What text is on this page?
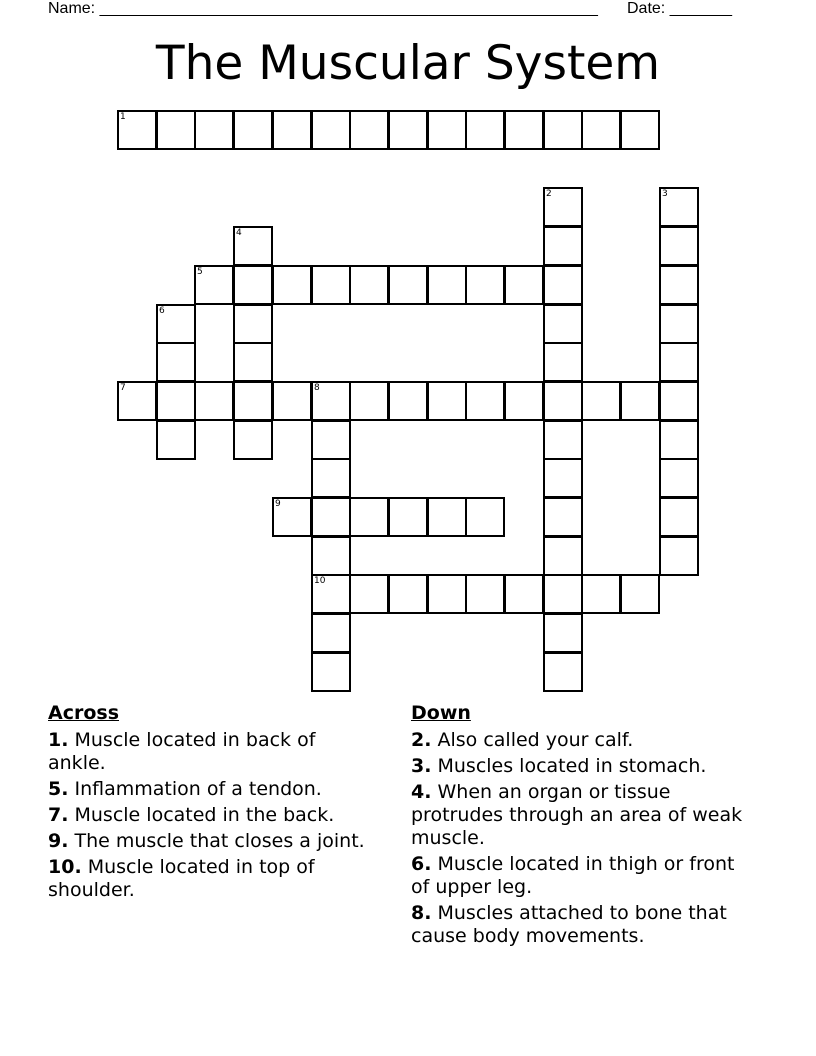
Name: ________________________________________________________ Date: _______
The Muscular System
1
2	3
4
5
6
7	8
10
9
Across
1. Muscle located in back of ankle.
5. Inflammation of a tendon.
7. Muscle located in the back.
9. The muscle that closes a joint.
10. Muscle located in top of shoulder.
Down
2. Also called your calf.
3. Muscles located in stomach.
4. When an organ or tissue protrudes through an area of weak muscle.
6. Muscle located in thigh or front of upper leg.
8. Muscles attached to bone that cause body movements.
